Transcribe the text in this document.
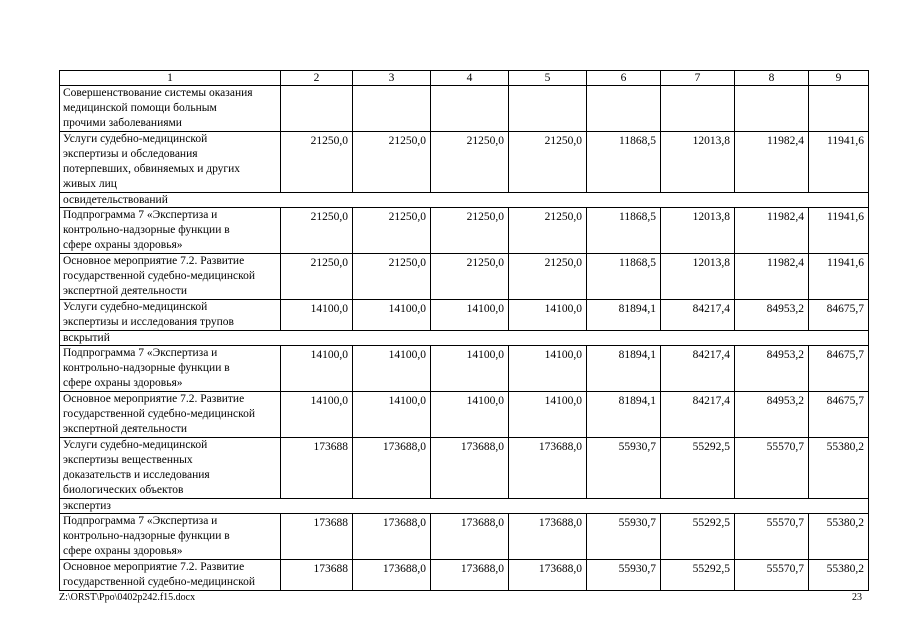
1	2	3	4	5	6	7	8	9

Совершенствование системы оказания
медицинской помощи больным
прочими заболеваниями								

Услуги судебно-медицинской
экспертизы и обследования
потерпевших, обвиняемых и других
живых лиц	21250,0	21250,0	21250,0	21250,0	11868,5	12013,8	11982,4	11941,6

освидетельствований								

Подпрограмма 7 «Экспертиза и
контрольно-надзорные функции в
сфере охраны здоровья»	21250,0	21250,0	21250,0	21250,0	11868,5	12013,8	11982,4	11941,6

Основное мероприятие 7.2. Развитие
государственной судебно-медицинской
экспертной деятельности	21250,0	21250,0	21250,0	21250,0	11868,5	12013,8	11982,4	11941,6

Услуги судебно-медицинской
экспертизы и исследования трупов	14100,0	14100,0	14100,0	14100,0	81894,1	84217,4	84953,2	84675,7

вскрытий								

Подпрограмма 7 «Экспертиза и
контрольно-надзорные функции в
сфере охраны здоровья»	14100,0	14100,0	14100,0	14100,0	81894,1	84217,4	84953,2	84675,7

Основное мероприятие 7.2. Развитие
государственной судебно-медицинской
экспертной деятельности	14100,0	14100,0	14100,0	14100,0	81894,1	84217,4	84953,2	84675,7

Услуги судебно-медицинской
экспертизы вещественных
доказательств и исследования
биологических объектов	173688	173688,0	173688,0	173688,0	55930,7	55292,5	55570,7	55380,2

экспертиз								

Подпрограмма 7 «Экспертиза и
контрольно-надзорные функции в
сфере охраны здоровья»	173688	173688,0	173688,0	173688,0	55930,7	55292,5	55570,7	55380,2

Основное мероприятие 7.2. Развитие
государственной судебно-медицинской	173688	173688,0	173688,0	173688,0	55930,7	55292,5	55570,7	55380,2
Z:\ORST\Ppo\0402p242.f15.docx	23
